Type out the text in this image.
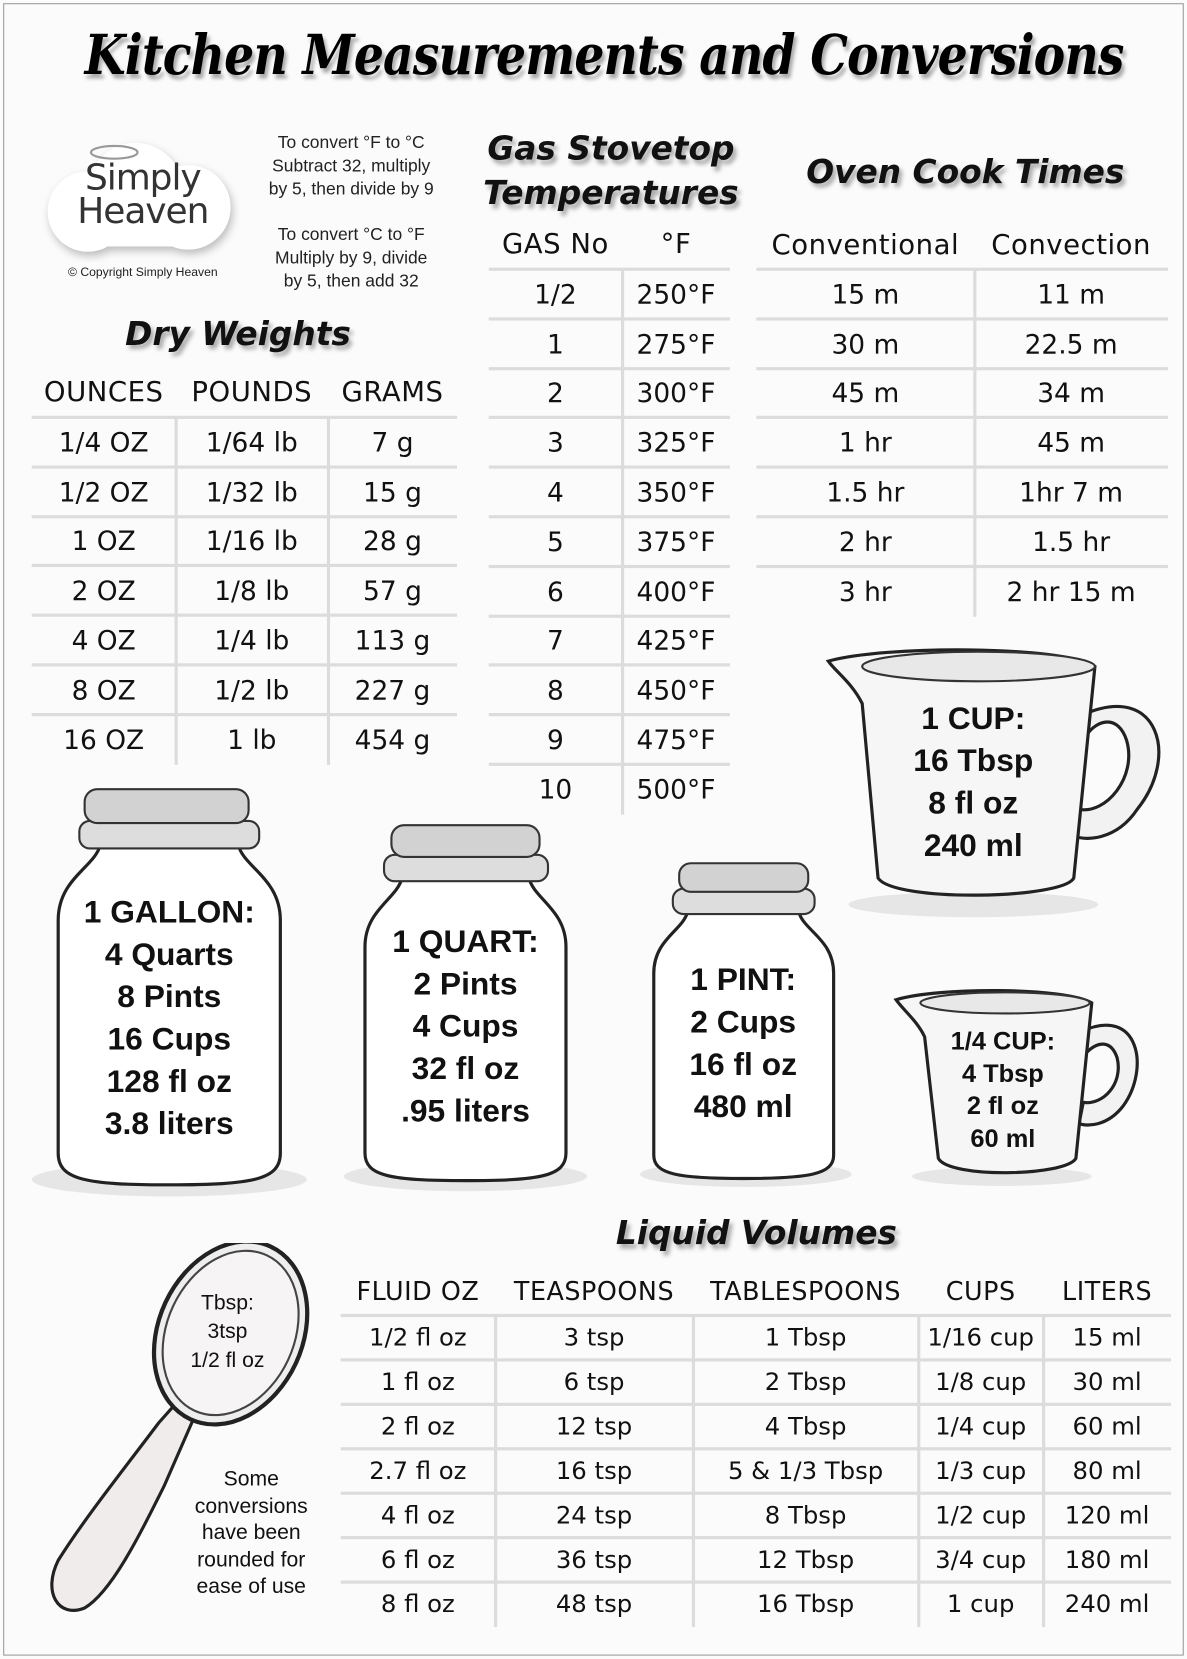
Kitchen Measurements and Conversions
Simply
Heaven
© Copyright Simply Heaven
To convert °F to °C
Subtract 32, multiply
by 5, then divide by 9
To convert °C to °F
Multiply by 9, divide
by 5, then add 32
Dry Weights
Gas Stovetop
Temperatures
Oven Cook Times
Liquid Volumes
OUNCES	POUNDS	GRAMS
1/4 OZ	1/64 lb	7 g
1/2 OZ	1/32 lb	15 g
1 OZ	1/16 lb	28 g
2 OZ	1/8 lb	57 g
4 OZ	1/4 lb	113 g
8 OZ	1/2 lb	227 g
16 OZ	1 lb	454 g
GAS No	°F
1/2	250°F
1	275°F
2	300°F
3	325°F
4	350°F
5	375°F
6	400°F
7	425°F
8	450°F
9	475°F
10	500°F
Conventional	Convection
15 m	11 m
30 m	22.5 m
45 m	34 m
1 hr	45 m
1.5 hr	1hr 7 m
2 hr	1.5 hr
3 hr	2 hr 15 m
FLUID OZ	TEASPOONS	TABLESPOONS	CUPS	LITERS
1/2 fl oz	3 tsp	1 Tbsp	1/16 cup	15 ml
1 fl oz	6 tsp	2 Tbsp	1/8 cup	30 ml
2 fl oz	12 tsp	4 Tbsp	1/4 cup	60 ml
2.7 fl oz	16 tsp	5 & 1/3 Tbsp	1/3 cup	80 ml
4 fl oz	24 tsp	8 Tbsp	1/2 cup	120 ml
6 fl oz	36 tsp	12 Tbsp	3/4 cup	180 ml
8 fl oz	48 tsp	16 Tbsp	1 cup	240 ml
1 CUP:
16 Tbsp
8 fl oz
240 ml
1/4 CUP:
4 Tbsp
2 fl oz
60 ml
1 GALLON:
4 Quarts
8 Pints
16 Cups
128 fl oz
3.8 liters
1 QUART:
2 Pints
4 Cups
32 fl oz
.95 liters
1 PINT:
2 Cups
16 fl oz
480 ml
Tbsp:
3tsp
1/2 fl oz
Some
conversions
have been
rounded for
ease of use
